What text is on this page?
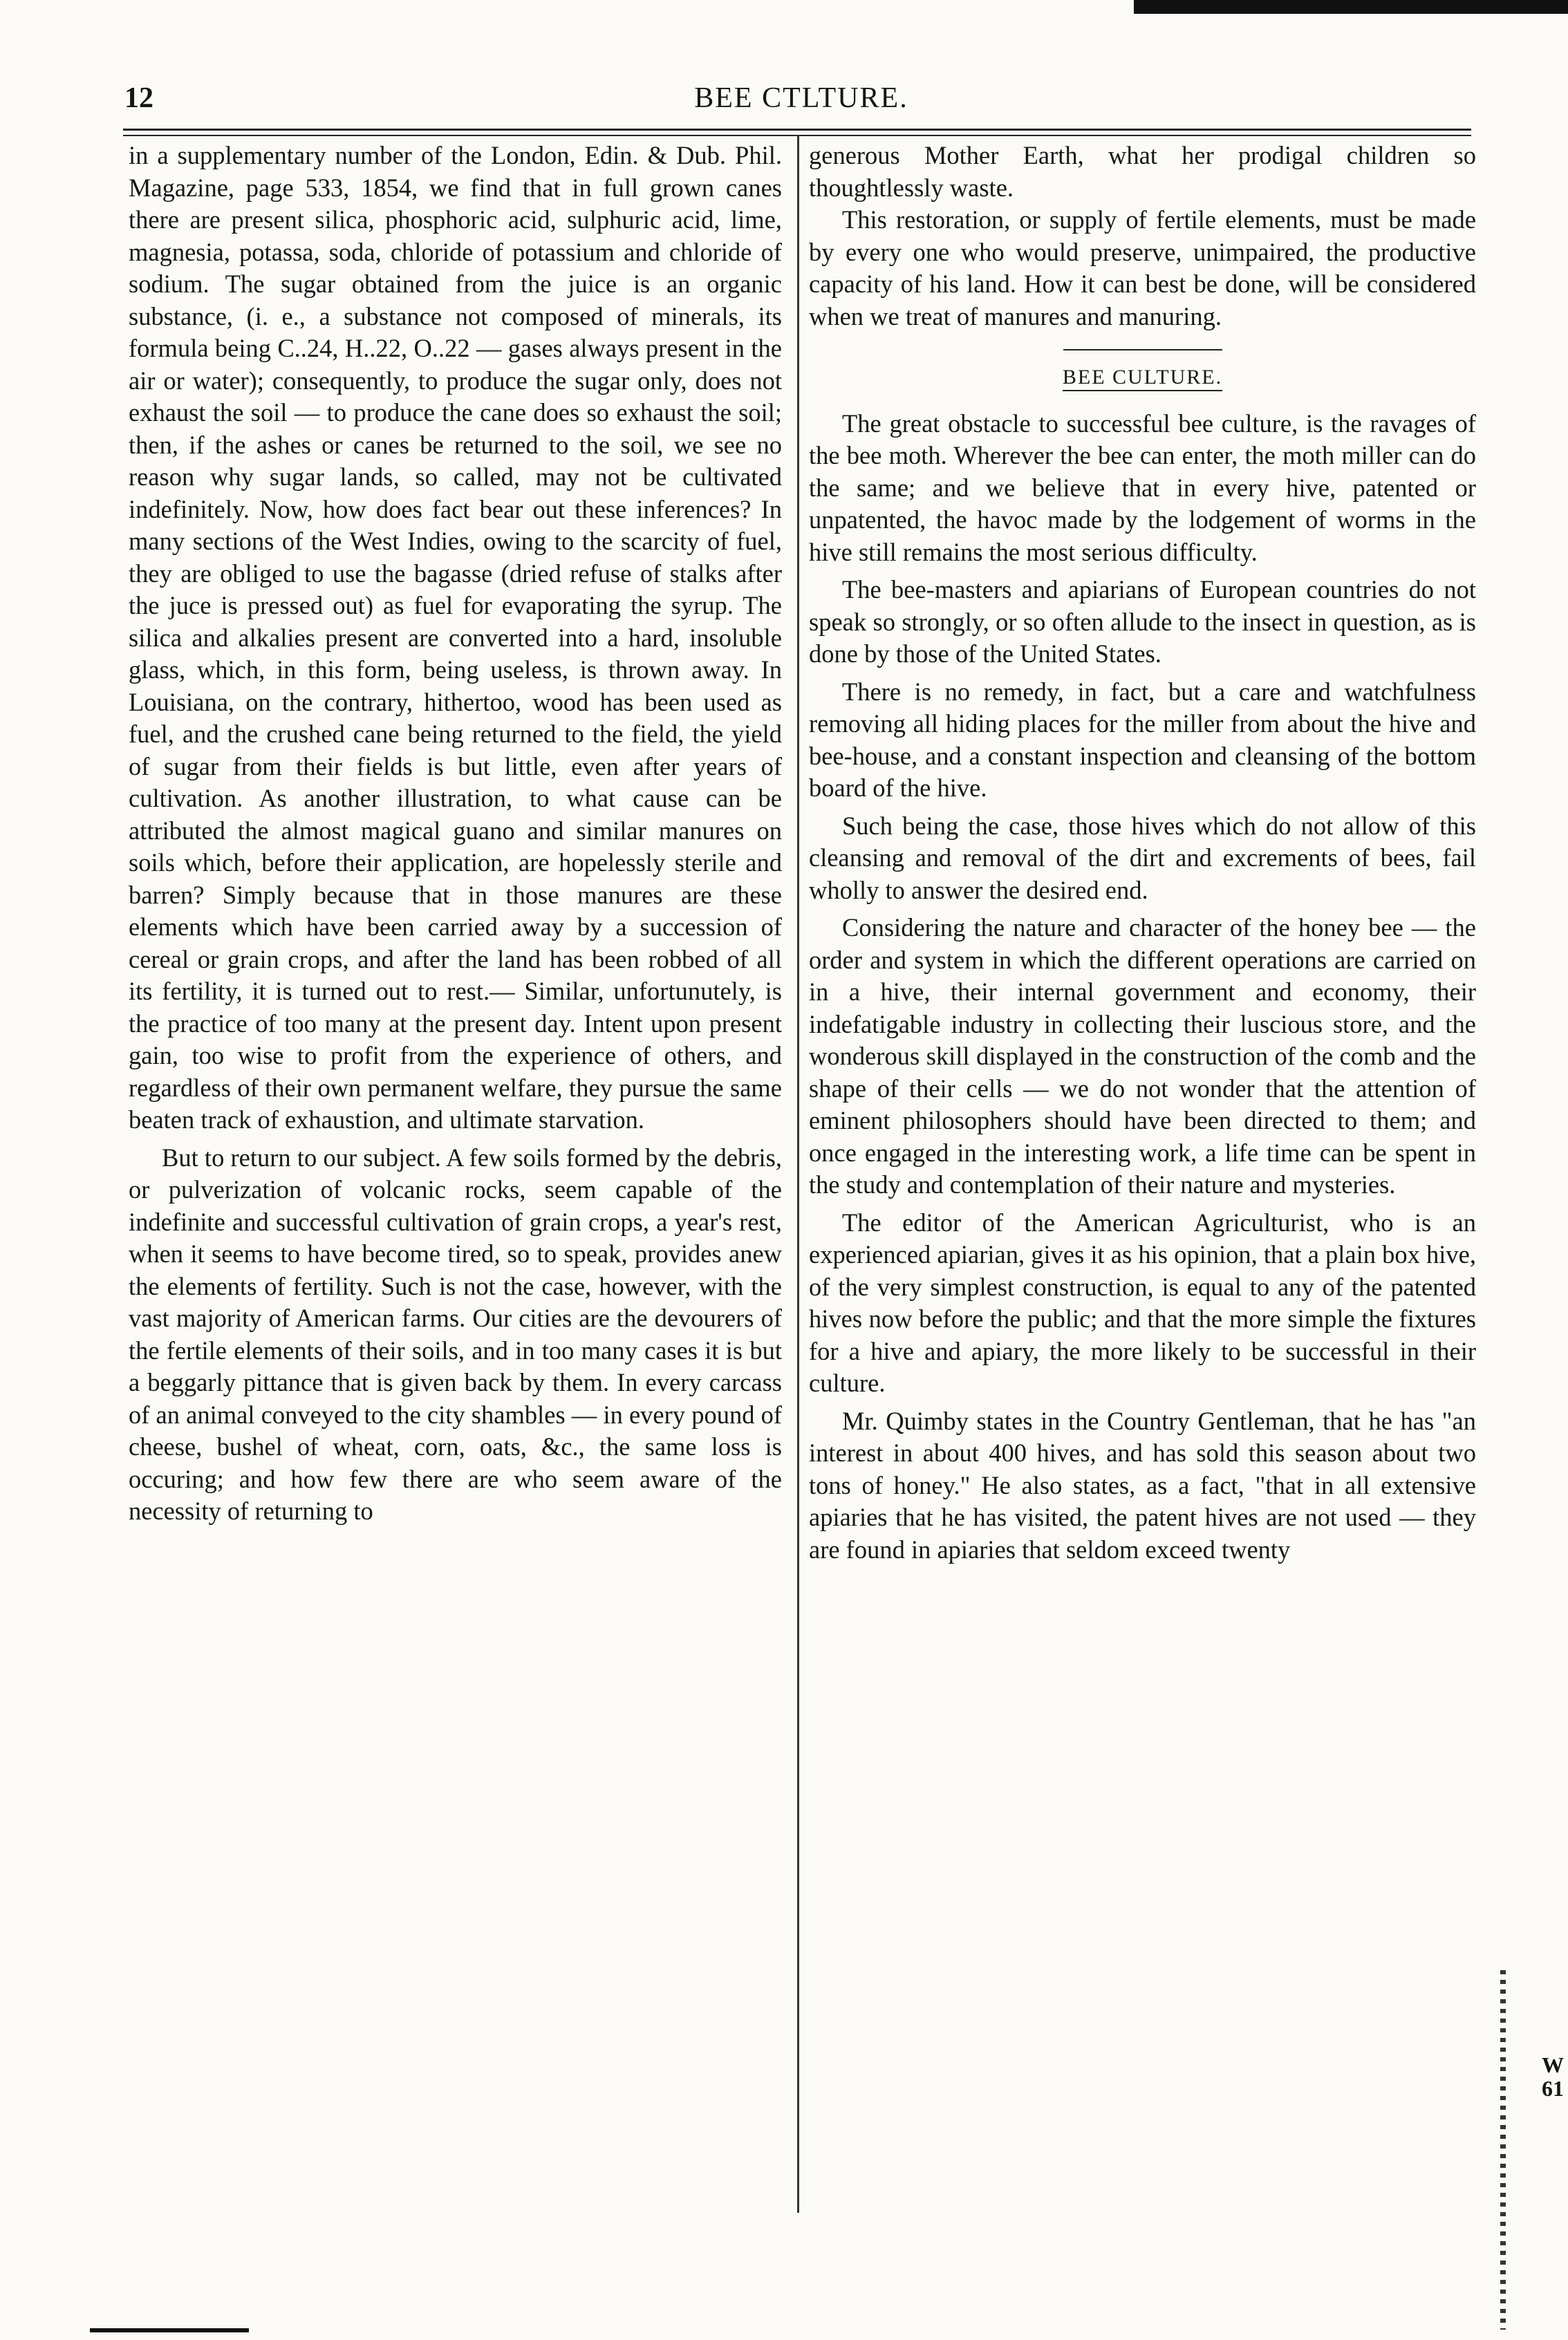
12	BEE CTLTURE.

in a supplementary number of the London, Edin. & Dub. Phil. Magazine, page 533, 1854, we find that in full grown canes there are present silica, phosphoric acid, sulphuric acid, lime, magnesia, potassa, soda, chloride of potassium and chloride of sodium. The sugar obtained from the juice is an organic substance, (i. e., a substance not composed of minerals, its formula being C..24, H..22, O..22 — gases always present in the air or water); consequently, to produce the sugar only, does not exhaust the soil — to produce the cane does so exhaust the soil; then, if the ashes or canes be returned to the soil, we see no reason why sugar lands, so called, may not be cultivated indefinitely. Now, how does fact bear out these inferences? In many sections of the West Indies, owing to the scarcity of fuel, they are obliged to use the bagasse (dried refuse of stalks after the juce is pressed out) as fuel for evaporating the syrup. The silica and alkalies present are converted into a hard, insoluble glass, which, in this form, being useless, is thrown away. In Louisiana, on the contrary, hithertoo, wood has been used as fuel, and the crushed cane being returned to the field, the yield of sugar from their fields is but little, even after years of cultivation. As another illustration, to what cause can be attributed the almost magical guano and similar manures on soils which, before their application, are hopelessly sterile and barren? Simply because that in those manures are these elements which have been carried away by a succession of cereal or grain crops, and after the land has been robbed of all its fertility, it is turned out to rest.— Similar, unfortunutely, is the practice of too many at the present day. Intent upon present gain, too wise to profit from the experience of others, and regardless of their own permanent welfare, they pursue the same beaten track of exhaustion, and ultimate starvation.

But to return to our subject. A few soils formed by the debris, or pulverization of volcanic rocks, seem capable of the indefinite and successful cultivation of grain crops, a year's rest, when it seems to have become tired, so to speak, provides anew the elements of fertility. Such is not the case, however, with the vast majority of American farms. Our cities are the devourers of the fertile elements of their soils, and in too many cases it is but a beggarly pittance that is given back by them. In every carcass of an animal conveyed to the city shambles — in every pound of cheese, bushel of wheat, corn, oats, &c., the same loss is occuring; and how few there are who seem aware of the necessity of returning to

generous Mother Earth, what her prodigal children so thoughtlessly waste.

This restoration, or supply of fertile elements, must be made by every one who would preserve, unimpaired, the productive capacity of his land. How it can best be done, will be considered when we treat of manures and manuring.

BEE CULTURE.

The great obstacle to successful bee culture, is the ravages of the bee moth. Wherever the bee can enter, the moth miller can do the same; and we believe that in every hive, patented or unpatented, the havoc made by the lodgement of worms in the hive still remains the most serious difficulty.

The bee-masters and apiarians of European countries do not speak so strongly, or so often allude to the insect in question, as is done by those of the United States.

There is no remedy, in fact, but a care and watchfulness removing all hiding places for the miller from about the hive and bee-house, and a constant inspection and cleansing of the bottom board of the hive.

Such being the case, those hives which do not allow of this cleansing and removal of the dirt and excrements of bees, fail wholly to answer the desired end.

Considering the nature and character of the honey bee — the order and system in which the different operations are carried on in a hive, their internal government and economy, their indefatigable industry in collecting their luscious store, and the wonderous skill displayed in the construction of the comb and the shape of their cells — we do not wonder that the attention of eminent philosophers should have been directed to them; and once engaged in the interesting work, a life time can be spent in the study and contemplation of their nature and mysteries.

The editor of the American Agriculturist, who is an experienced apiarian, gives it as his opinion, that a plain box hive, of the very simplest construction, is equal to any of the patented hives now before the public; and that the more simple the fixtures for a hive and apiary, the more likely to be successful in their culture.

Mr. Quimby states in the Country Gentleman, that he has "an interest in about 400 hives, and has sold this season about two tons of honey." He also states, as a fact, "that in all extensive apiaries that he has visited, the patent hives are not used — they are found in apiaries that seldom exceed twenty

W
61
